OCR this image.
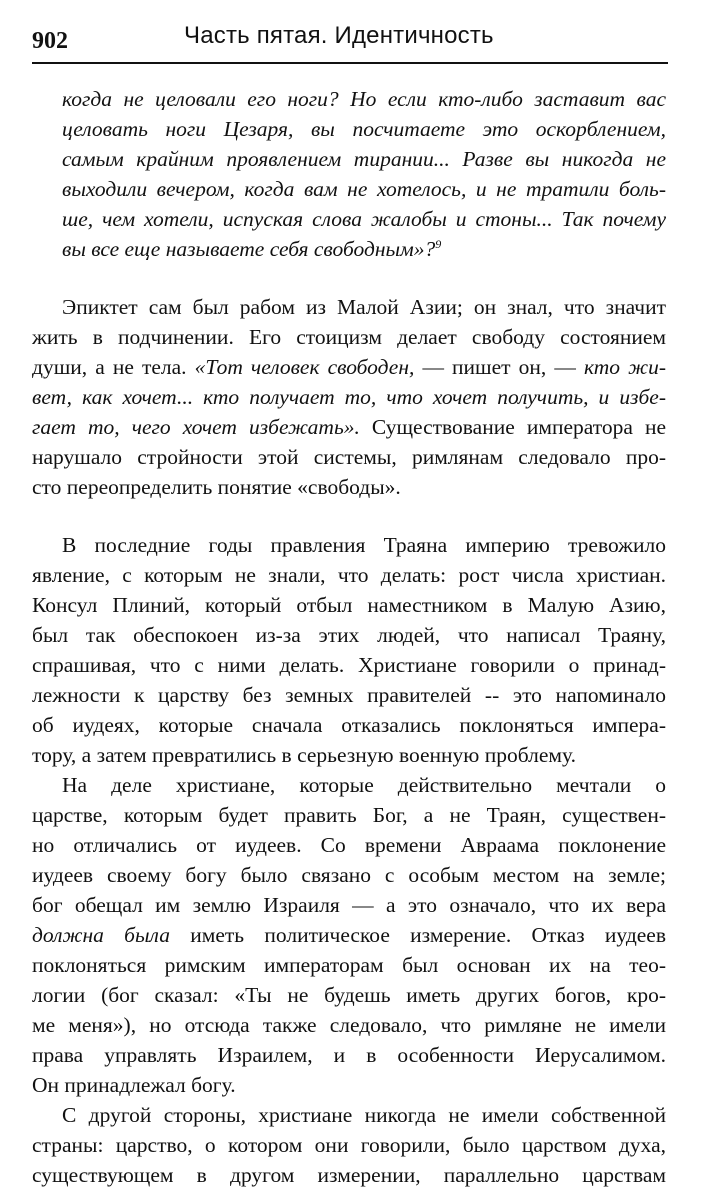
902	Часть пятая. Идентичность
когда не целовали его ноги? Но если кто-либо заставит вас
целовать ноги Цезаря, вы посчитаете это оскорблением,
самым крайним проявлением тирании... Разве вы никогда не
выходили вечером, когда вам не хотелось, и не тратили боль-
ше, чем хотели, испуская слова жалобы и стоны... Так почему
вы все еще называете себя свободным»?$^9$
Эпиктет сам был рабом из Малой Азии; он знал, что значит
жить в подчинении. Его стоицизм делает свободу состоянием
души, а не тела. «Тот человек свободен, — пишет он, — кто жи-
вет, как хочет... кто получает то, что хочет получить, и избе-
гает то, чего хочет избежать». Существование императора не
нарушало стройности этой системы, римлянам следовало про-
сто переопределить понятие «свободы».
В последние годы правления Траяна империю тревожило
явление, с которым не знали, что делать: рост числа христиан.
Консул Плиний, который отбыл наместником в Малую Азию,
был так обеспокоен из-за этих людей, что написал Траяну,
спрашивая, что с ними делать. Христиане говорили о принад-
лежности к царству без земных правителей -- это напоминало
об иудеях, которые сначала отказались поклоняться импера-
тору, а затем превратились в серьезную военную проблему.
На деле христиане, которые действительно мечтали о
царстве, которым будет править Бог, а не Траян, существен-
но отличались от иудеев. Со времени Авраама поклонение
иудеев своему богу было связано с особым местом на земле;
бог обещал им землю Израиля — а это означало, что их вера
должна была иметь политическое измерение. Отказ иудеев
поклоняться римским императорам был основан их на тео-
логии (бог сказал: «Ты не будешь иметь других богов, кро-
ме меня»), но отсюда также следовало, что римляне не имели
права управлять Израилем, и в особенности Иерусалимом.
Он принадлежал богу.
С другой стороны, христиане никогда не имели собственной
страны: царство, о котором они говорили, было царством духа,
существующем в другом измерении, параллельно царствам
